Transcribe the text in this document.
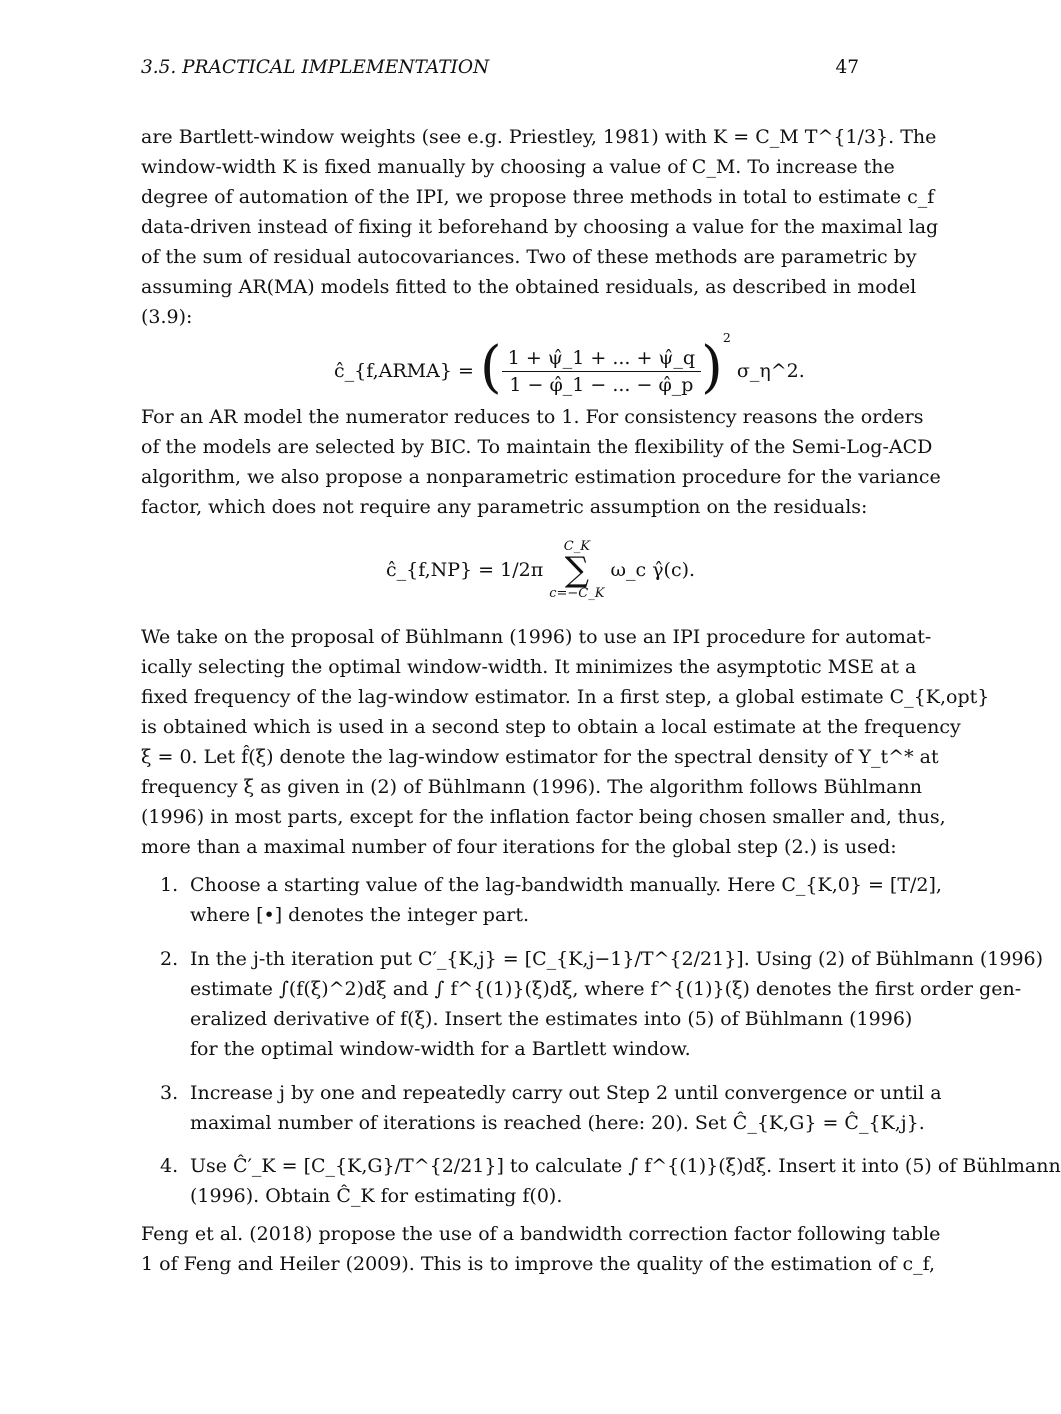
3.5. PRACTICAL IMPLEMENTATION	47
are Bartlett-window weights (see e.g. Priestley, 1981) with K = C_M T^{1/3}. The
window-width K is fixed manually by choosing a value of C_M. To increase the
degree of automation of the IPI, we propose three methods in total to estimate c_f
data-driven instead of fixing it beforehand by choosing a value for the maximal lag
of the sum of residual autocovariances. Two of these methods are parametric by
assuming AR(MA) models fitted to the obtained residuals, as described in model
(3.9):
ĉ_{f,ARMA} = ( $\frac{1 + \psî\_1 + ... + \psî\_q}{1 - \varphî\_1 - ... - \varphî\_p} )^2$ σ_η^2.
For an AR model the numerator reduces to 1. For consistency reasons the orders
of the models are selected by BIC. To maintain the flexibility of the Semi-Log-ACD
algorithm, we also propose a nonparametric estimation procedure for the variance
factor, which does not require any parametric assumption on the residuals:
ĉ_{f,NP} = 1/2π
C_K
∑
c=−C_K
ω_c γ̂(c).
We take on the proposal of Bühlmann (1996) to use an IPI procedure for automat-
ically selecting the optimal window-width. It minimizes the asymptotic MSE at a
fixed frequency of the lag-window estimator. In a first step, a global estimate C_{K,opt}
is obtained which is used in a second step to obtain a local estimate at the frequency
ξ = 0. Let f̂(ξ) denote the lag-window estimator for the spectral density of Y_t^* at
frequency ξ as given in (2) of Bühlmann (1996). The algorithm follows Bühlmann
(1996) in most parts, except for the inflation factor being chosen smaller and, thus,
more than a maximal number of four iterations for the global step (2.) is used:
1. Choose a starting value of the lag-bandwidth manually. Here C_{K,0} = [T/2],
where [•] denotes the integer part.
2. In the j-th iteration put C′_{K,j} = [C_{K,j−1}/T^{2/21}]. Using (2) of Bühlmann (1996)
estimate ∫(f(ξ)^2)dξ and ∫ f^{(1)}(ξ)dξ, where f^{(1)}(ξ) denotes the first order gen-
eralized derivative of f(ξ). Insert the estimates into (5) of Bühlmann (1996)
for the optimal window-width for a Bartlett window.
3. Increase j by one and repeatedly carry out Step 2 until convergence or until a
maximal number of iterations is reached (here: 20). Set Ĉ_{K,G} = Ĉ_{K,j}.
4. Use Ĉ′_K = [C_{K,G}/T^{2/21}] to calculate ∫ f^{(1)}(ξ)dξ. Insert it into (5) of Bühlmann
(1996). Obtain Ĉ_K for estimating f(0).
Feng et al. (2018) propose the use of a bandwidth correction factor following table
1 of Feng and Heiler (2009). This is to improve the quality of the estimation of c_f,
